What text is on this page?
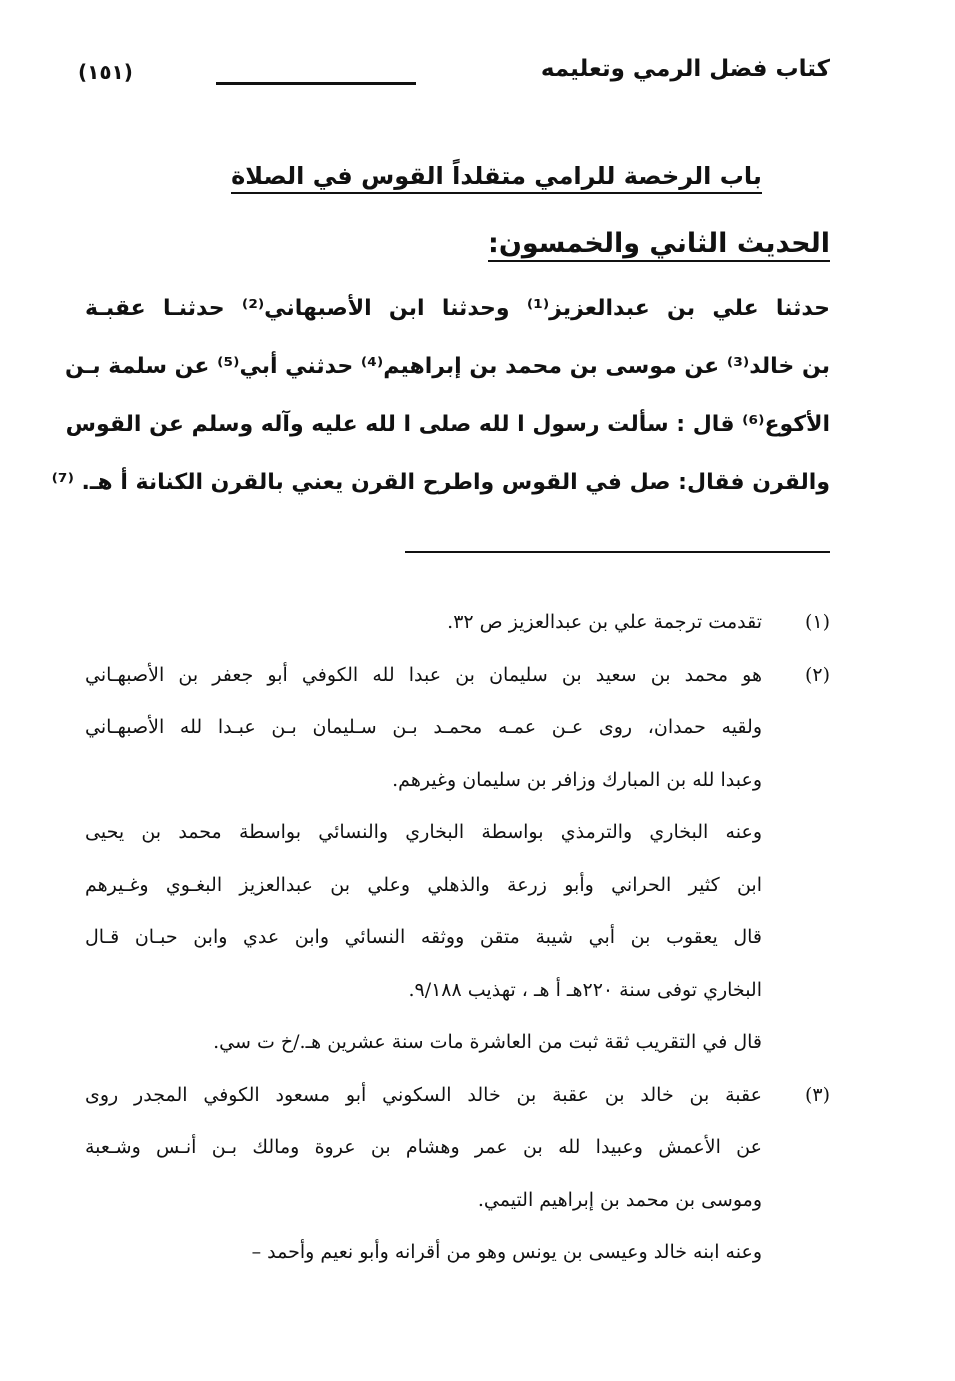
كتاب فضل الرمي وتعليمه
(١٥١)
باب الرخصة للرامي متقلداً القوس في الصلاة
الحديث الثاني والخمسون:
حدثنا علي بن عبدالعزيز⁽¹⁾ وحدثنا ابن الأصبهاني⁽²⁾ حدثنـا عقبـة
بن خالد⁽³⁾ عن موسى بن محمد بن إبراهيم⁽⁴⁾ حدثني أبي⁽⁵⁾ عن سلمة بـن
الأكوع⁽⁶⁾ قال : سألت رسول ا لله صلى ا لله عليه وآله وسلم عن القوس
والقرن فقال: صل في القوس واطرح القرن يعني بالقرن الكنانة أ هـ. ⁽⁷⁾
(١)
تقدمت ترجمة علي بن عبدالعزيز ص ٣٢.
(٢)
هو محمد بن سعيد بن سليمان بن عبدا لله الكوفي أبو جعفر بن الأصبهـاني
ولقيه حمدان، روى عـن عمـه محمـد بـن سـليمان بـن عبـدا لله الأصبهـاني
وعبدا لله بن المبارك وزافر بن سليمان وغيرهم.
وعنه البخاري والترمذي بواسطة البخاري والنسائي بواسطة محمد بن يحيى
ابن كثير الحراني وأبو زرعة والذهلي وعلي بن عبدالعزيز البغـوي وغـيرهم
قال يعقوب بن أبي شيبة متقن ووثقه النسائي وابن عدي وابن حبـان قـال
البخاري توفى سنة ٢٢٠هـ أ هـ ، تهذيب ٩/١٨٨.
قال في التقريب ثقة ثبت من العاشرة مات سنة عشرين هـ./خ ت سي.
(٣)
عقبة بن خالد بن عقبة بن خالد السكوني أبو مسعود الكوفي المجدر روى
عن الأعمش وعبيدا لله بن عمر وهشام بن عروة ومالك بـن أنـس وشـعبة
وموسى بن محمد بن إبراهيم التيمي.
وعنه ابنه خالد وعيسى بن يونس وهو من أقرانه وأبو نعيم وأحمد –
